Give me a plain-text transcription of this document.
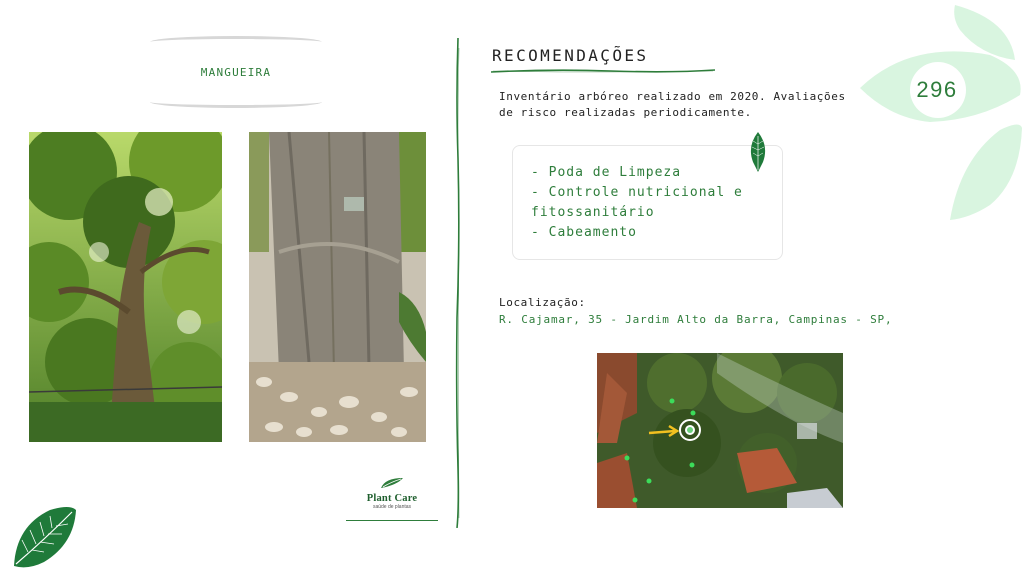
MANGUEIRA
Plant Care
saúde de plantas
RECOMENDAÇÕES
Inventário arbóreo realizado em 2020. Avaliações de risco realizadas periodicamente.
- Poda de Limpeza
- Controle nutricional e fitossanitário
- Cabeamento
Localização:
R. Cajamar, 35 - Jardim Alto da Barra, Campinas - SP,
296
